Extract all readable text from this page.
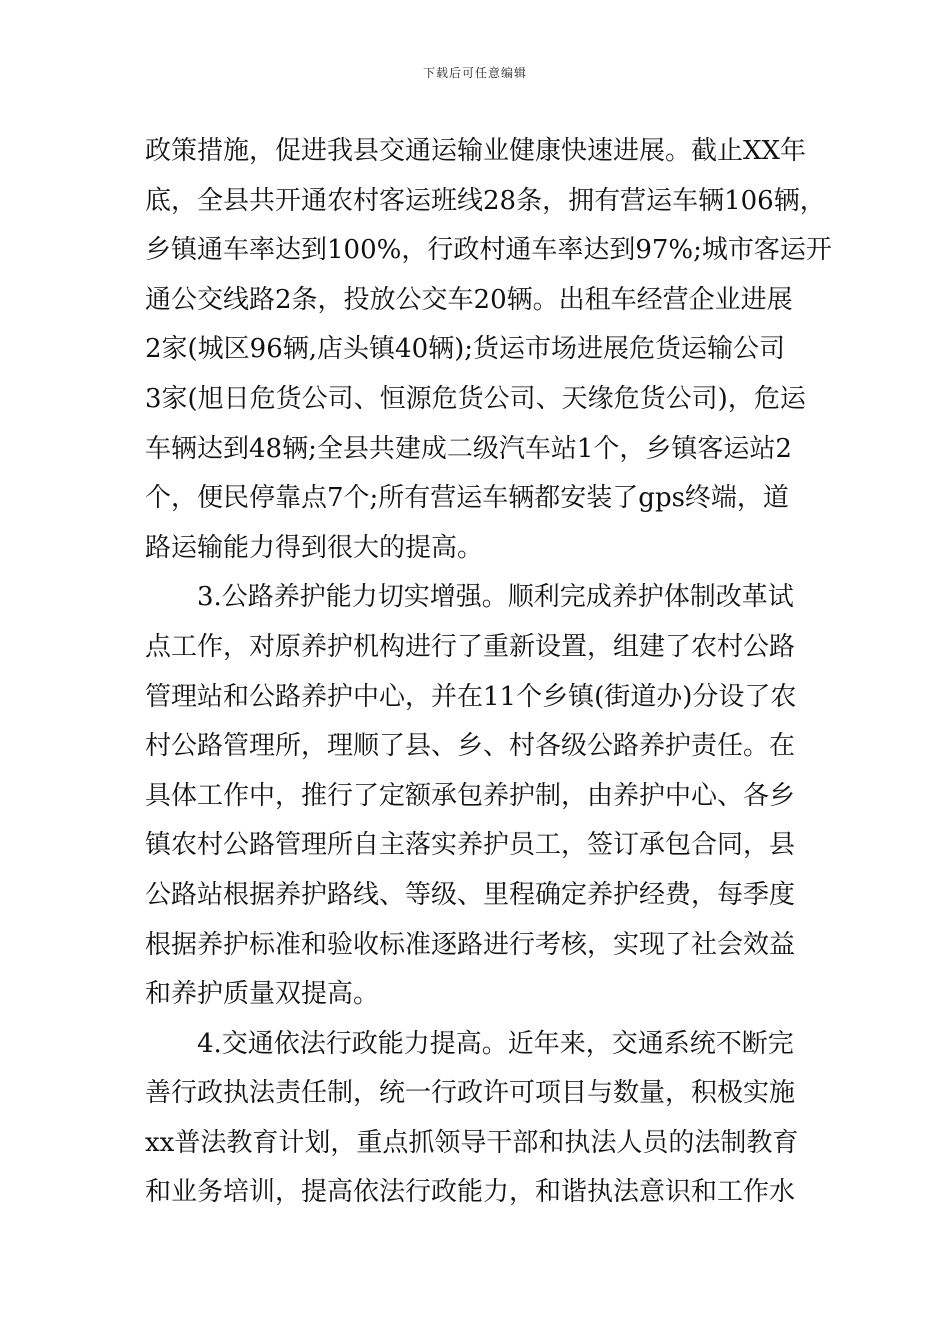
下载后可任意编辑
政策措施，促进我县交通运输业健康快速进展。截止XX年
底，全县共开通农村客运班线28条，拥有营运车辆106辆，
乡镇通车率达到100%，行政村通车率达到97%;城市客运开
通公交线路2条，投放公交车20辆。出租车经营企业进展
2家(城区96辆,店头镇40辆);货运市场进展危货运输公司
3家(旭日危货公司、恒源危货公司、天缘危货公司)，危运
车辆达到48辆;全县共建成二级汽车站1个，乡镇客运站2
个，便民停靠点7个;所有营运车辆都安装了gps终端，道
路运输能力得到很大的提高。
3.公路养护能力切实增强。顺利完成养护体制改革试
点工作，对原养护机构进行了重新设置，组建了农村公路
管理站和公路养护中心，并在11个乡镇(街道办)分设了农
村公路管理所，理顺了县、乡、村各级公路养护责任。在
具体工作中，推行了定额承包养护制，由养护中心、各乡
镇农村公路管理所自主落实养护员工，签订承包合同，县
公路站根据养护路线、等级、里程确定养护经费，每季度
根据养护标准和验收标准逐路进行考核，实现了社会效益
和养护质量双提高。
4.交通依法行政能力提高。近年来，交通系统不断完
善行政执法责任制，统一行政许可项目与数量，积极实施
xx普法教育计划，重点抓领导干部和执法人员的法制教育
和业务培训，提高依法行政能力，和谐执法意识和工作水
